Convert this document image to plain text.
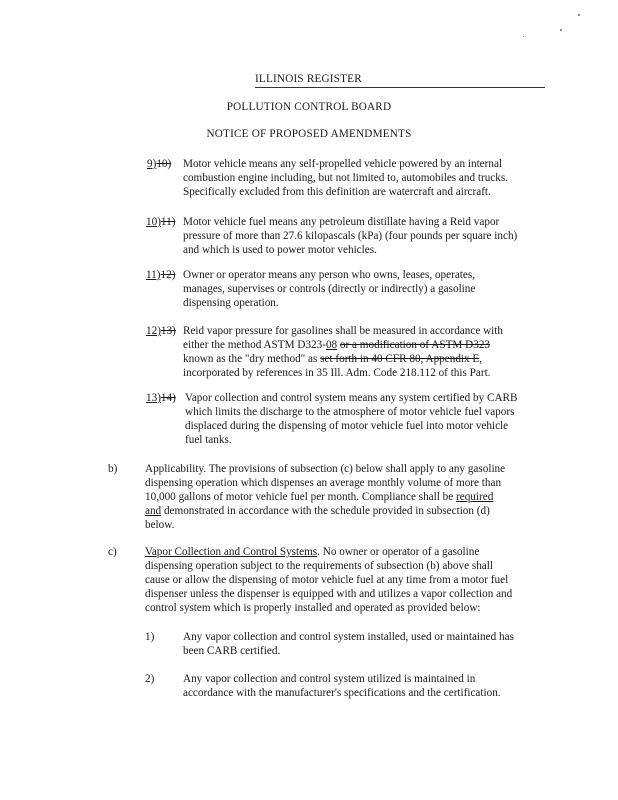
ILLINOIS REGISTER
POLLUTION CONTROL BOARD
NOTICE OF PROPOSED AMENDMENTS
9)10) Motor vehicle means any self-propelled vehicle powered by an internal
combustion engine including, but not limited to, automobiles and trucks.
Specifically excluded from this definition are watercraft and aircraft.
10)11) Motor vehicle fuel means any petroleum distillate having a Reid vapor
pressure of more than 27.6 kilopascals (kPa) (four pounds per square inch)
and which is used to power motor vehicles.
11)12) Owner or operator means any person who owns, leases, operates,
manages, supervises or controls (directly or indirectly) a gasoline
dispensing operation.
12)13) Reid vapor pressure for gasolines shall be measured in accordance with
either the method ASTM D323-08 or a modification of ASTM D323
known as the "dry method" as set forth in 40 CFR 80, Appendix E,
incorporated by references in 35 Ill. Adm. Code 218.112 of this Part.
13)14) Vapor collection and control system means any system certified by CARB
which limits the discharge to the atmosphere of motor vehicle fuel vapors
displaced during the dispensing of motor vehicle fuel into motor vehicle
fuel tanks.
b) Applicability. The provisions of subsection (c) below shall apply to any gasoline
dispensing operation which dispenses an average monthly volume of more than
10,000 gallons of motor vehicle fuel per month. Compliance shall be required
and demonstrated in accordance with the schedule provided in subsection (d)
below.
c)	Vapor Collection and Control Systems. No owner or operator of a gasoline
dispensing operation subject to the requirements of subsection (b) above shall
cause or allow the dispensing of motor vehicle fuel at any time from a motor fuel
dispenser unless the dispenser is equipped with and utilizes a vapor collection and
control system which is properly installed and operated as provided below:
1)	Any vapor collection and control system installed, used or maintained has
been CARB certified.
2)	Any vapor collection and control system utilized is maintained in
accordance with the manufacturer's specifications and the certification.
